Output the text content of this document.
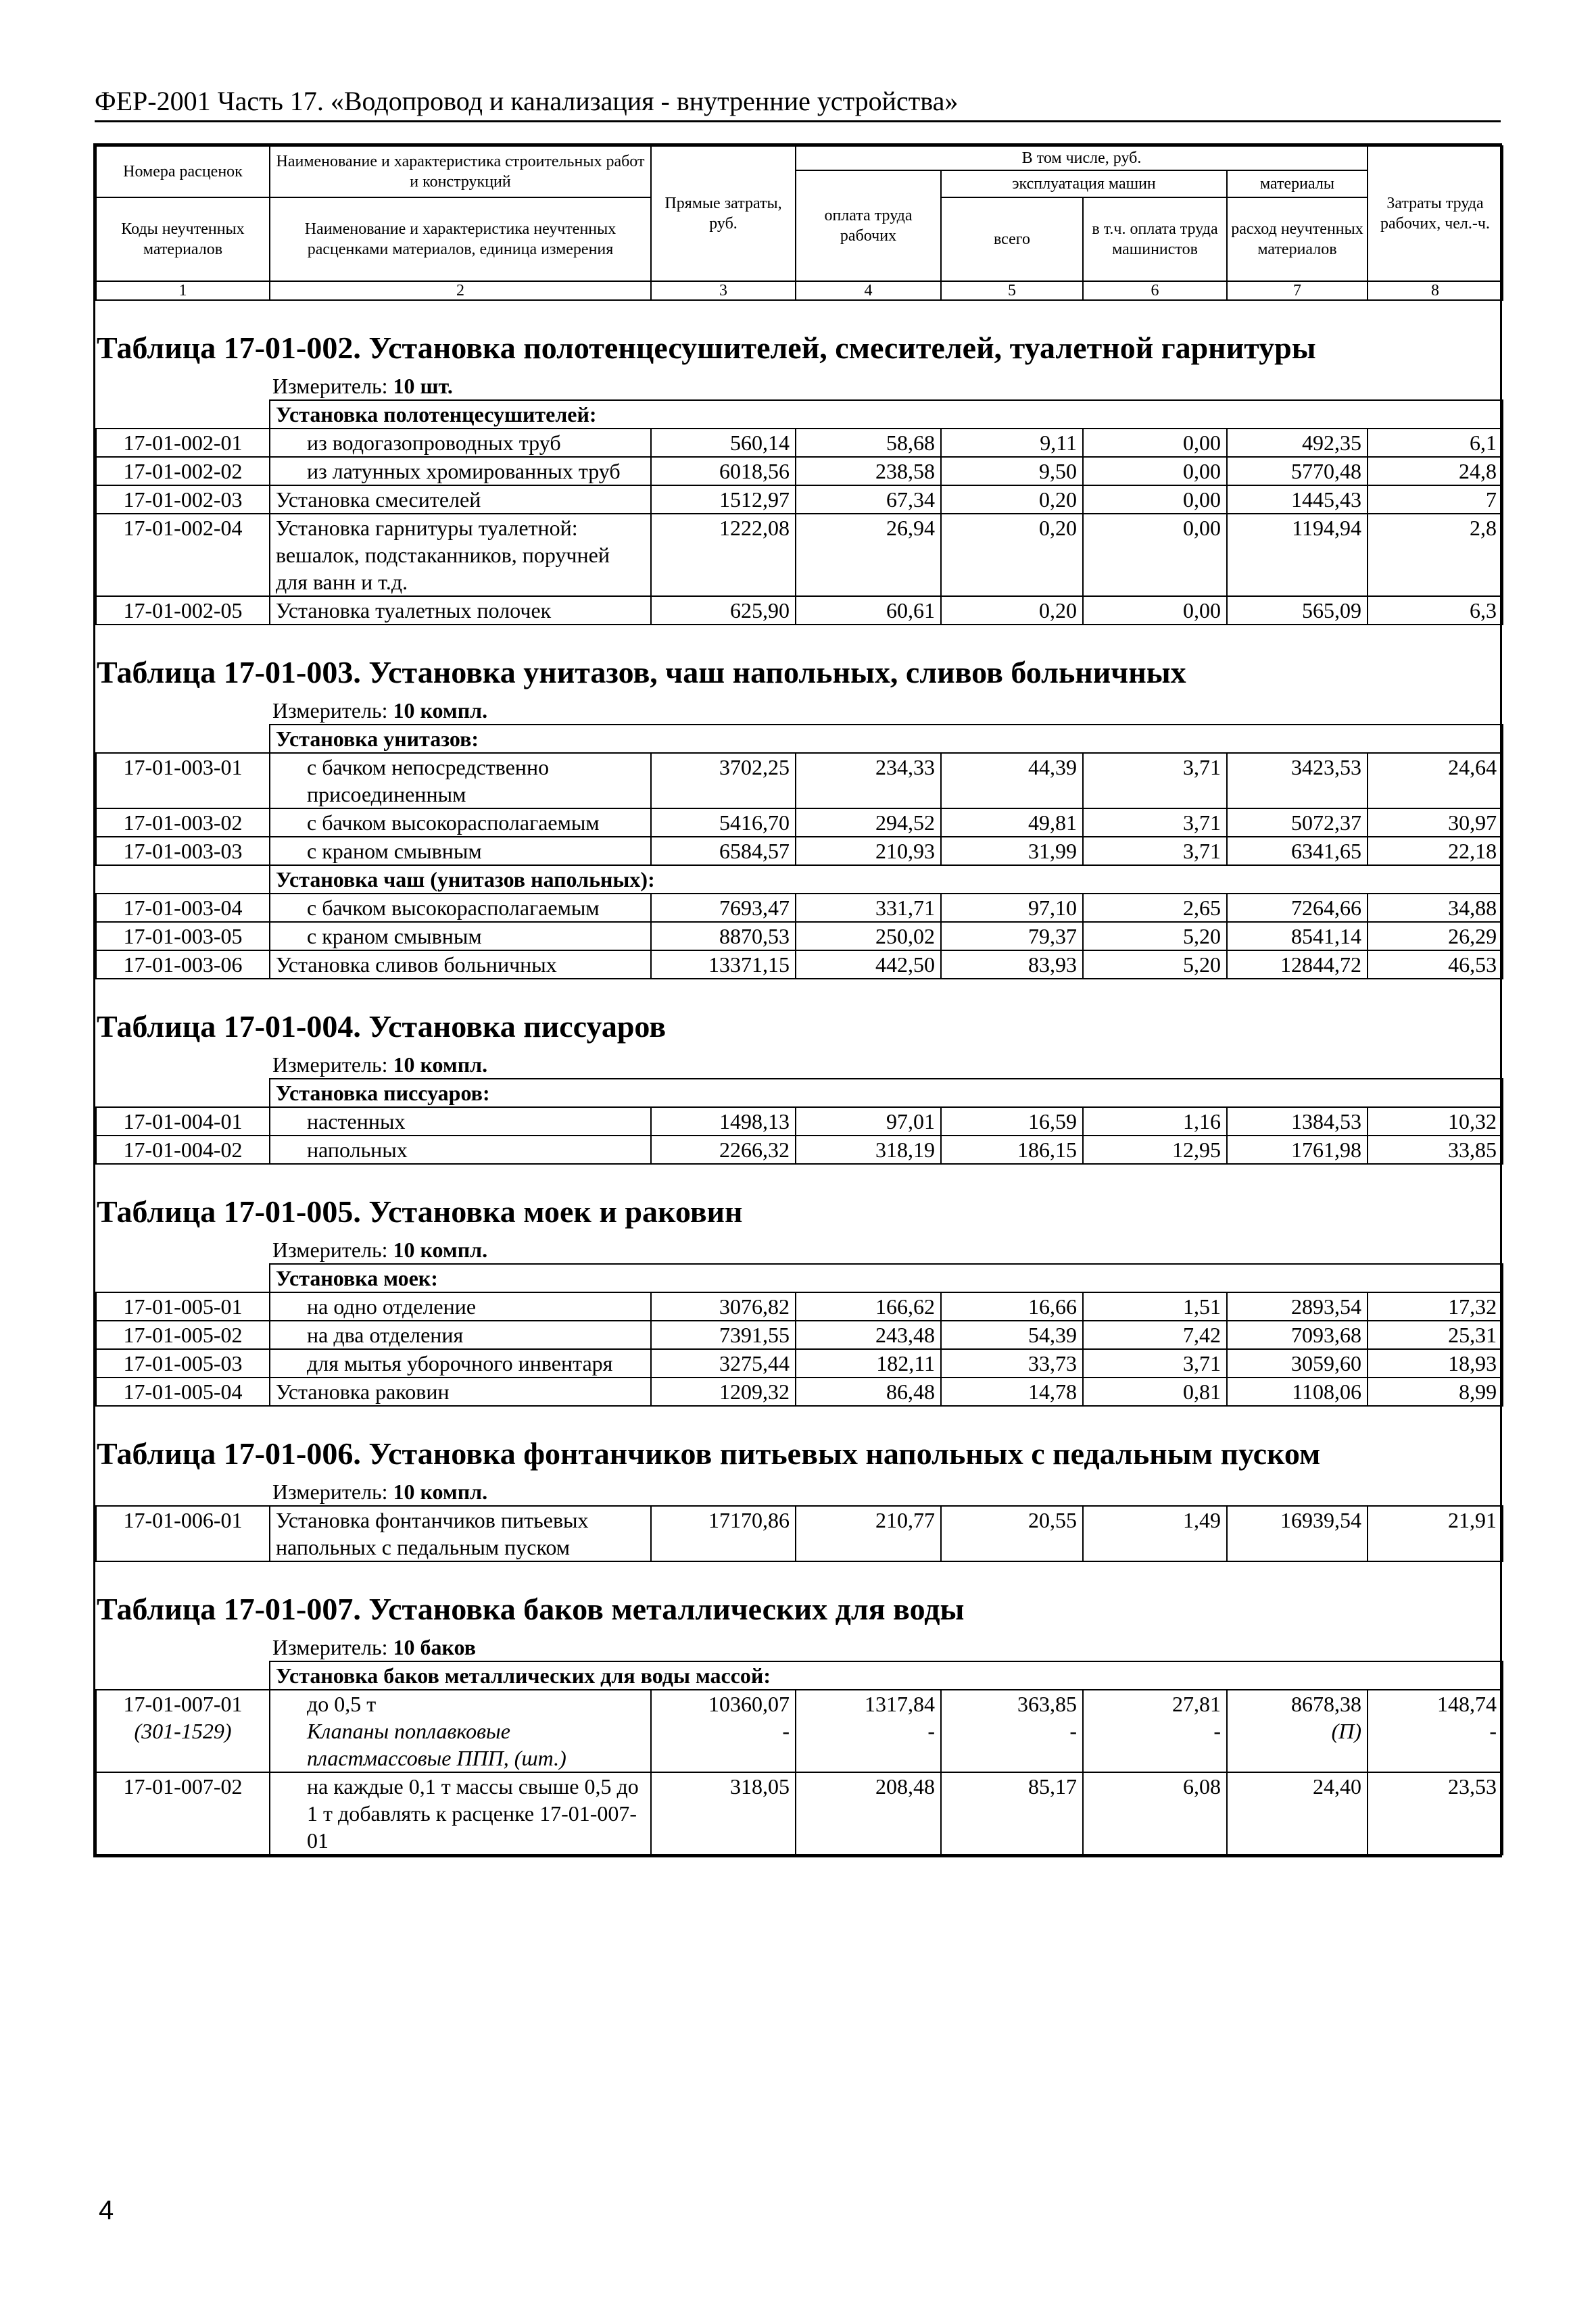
ФЕР-2001 Часть 17. «Водопровод и канализация - внутренние устройства»
Номера расценок	Наименование и характеристика строительных работ и конструкций	Прямые затраты, руб.	В том числе, руб.				Затраты труда рабочих, чел.-ч.
			оплата труда рабочих	эксплуатация машин		материалы	
Коды неучтенных материалов	Наименование и характеристика неучтенных расценками материалов, единица измерения			всего	в т.ч. оплата труда машинистов	расход неучтенных материалов	

1	2	3	4	5	6	7	8
Таблица 17-01-002. Установка полотенцесушителей, смесителей, туалетной гарнитуры
Измеритель: 10 шт.
	Установка полотенцесушителей:						
17-01-002-01	из водогазопроводных труб	560,14	58,68	9,11	0,00	492,35	6,1
17-01-002-02	из латунных хромированных труб	6018,56	238,58	9,50	0,00	5770,48	24,8
17-01-002-03	Установка смесителей	1512,97	67,34	0,20	0,00	1445,43	7
17-01-002-04	Установка гарнитуры туалетной: вешалок, подстаканников, поручней для ванн и т.д.	1222,08	26,94	0,20	0,00	1194,94	2,8
17-01-002-05	Установка туалетных полочек	625,90	60,61	0,20	0,00	565,09	6,3
Таблица 17-01-003. Установка унитазов, чаш напольных, сливов больничных
Измеритель: 10 компл.
	Установка унитазов:						
17-01-003-01	с бачком непосредственно присоединенным	3702,25	234,33	44,39	3,71	3423,53	24,64
17-01-003-02	с бачком высокорасполагаемым	5416,70	294,52	49,81	3,71	5072,37	30,97
17-01-003-03	с краном смывным	6584,57	210,93	31,99	3,71	6341,65	22,18
	Установка чаш (унитазов напольных):						
17-01-003-04	с бачком высокорасполагаемым	7693,47	331,71	97,10	2,65	7264,66	34,88
17-01-003-05	с краном смывным	8870,53	250,02	79,37	5,20	8541,14	26,29
17-01-003-06	Установка сливов больничных	13371,15	442,50	83,93	5,20	12844,72	46,53
Таблица 17-01-004. Установка писсуаров
Измеритель: 10 компл.
	Установка писсуаров:						
17-01-004-01	настенных	1498,13	97,01	16,59	1,16	1384,53	10,32
17-01-004-02	напольных	2266,32	318,19	186,15	12,95	1761,98	33,85
Таблица 17-01-005. Установка моек и раковин
Измеритель: 10 компл.
	Установка моек:						
17-01-005-01	на одно отделение	3076,82	166,62	16,66	1,51	2893,54	17,32
17-01-005-02	на два отделения	7391,55	243,48	54,39	7,42	7093,68	25,31
17-01-005-03	для мытья уборочного инвентаря	3275,44	182,11	33,73	3,71	3059,60	18,93
17-01-005-04	Установка раковин	1209,32	86,48	14,78	0,81	1108,06	8,99
Таблица 17-01-006. Установка фонтанчиков питьевых напольных с педальным пуском
Измеритель: 10 компл.
17-01-006-01	Установка фонтанчиков питьевых напольных с педальным пуском	17170,86	210,77	20,55	1,49	16939,54	21,91
Таблица 17-01-007. Установка баков металлических для воды
Измеритель: 10 баков
	Установка баков металлических для воды массой:						
17-01-007-01	до 0,5 т	10360,07	1317,84	363,85	27,81	8678,38	148,74
(301-1529)	Клапаны поплавковые пластмассовые ППП, (шт.)	-	-	-	-	(П)	-
17-01-007-02	на каждые 0,1 т массы свыше 0,5 до 1 т добавлять к расценке 17-01-007-01	318,05	208,48	85,17	6,08	24,40	23,53
4
